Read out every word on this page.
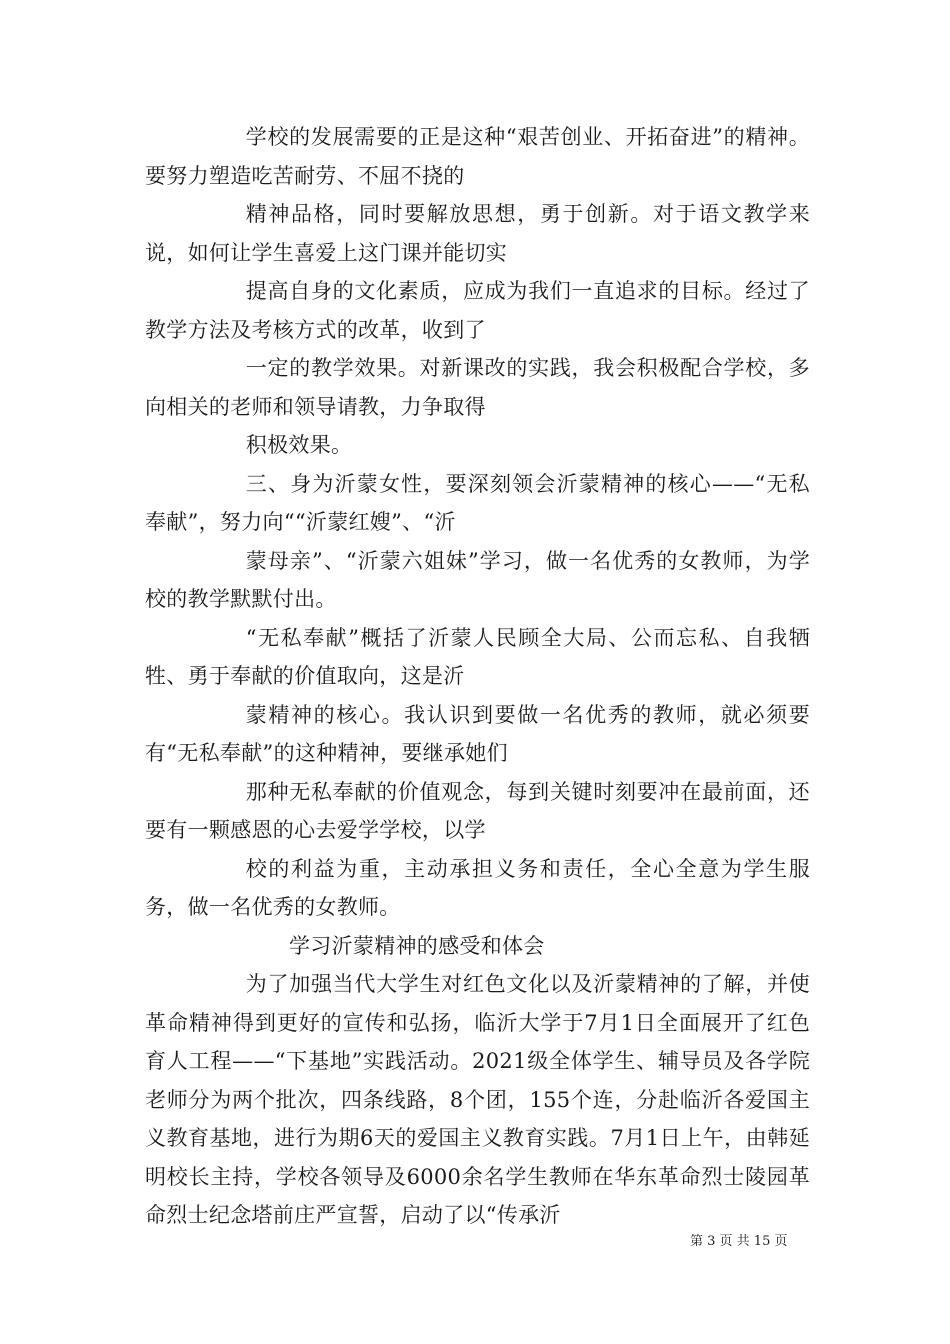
学校的发展需要的正是这种“艰苦创业、开拓奋进”的精神。要努力塑造吃苦耐劳、不屈不挠的

精神品格，同时要解放思想，勇于创新。对于语文教学来说，如何让学生喜爱上这门课并能切实

提高自身的文化素质，应成为我们一直追求的目标。经过了教学方法及考核方式的改革，收到了

一定的教学效果。对新课改的实践，我会积极配合学校，多向相关的老师和领导请教，力争取得

积极效果。

三、身为沂蒙女性，要深刻领会沂蒙精神的核心——“无私奉献”，努力向““沂蒙红嫂”、“沂

蒙母亲”、“沂蒙六姐妹”学习，做一名优秀的女教师，为学校的教学默默付出。

“无私奉献”概括了沂蒙人民顾全大局、公而忘私、自我牺牲、勇于奉献的价值取向，这是沂

蒙精神的核心。我认识到要做一名优秀的教师，就必须要有“无私奉献”的这种精神，要继承她们

那种无私奉献的价值观念，每到关键时刻要冲在最前面，还要有一颗感恩的心去爱学学校，以学

校的利益为重，主动承担义务和责任，全心全意为学生服务，做一名优秀的女教师。

学习沂蒙精神的感受和体会

为了加强当代大学生对红色文化以及沂蒙精神的了解，并使革命精神得到更好的宣传和弘扬，临沂大学于7月1日全面展开了红色育人工程——“下基地”实践活动。2021级全体学生、辅导员及各学院老师分为两个批次，四条线路，8个团，155个连，分赴临沂各爱国主义教育基地，进行为期6天的爱国主义教育实践。7月1日上午，由韩延明校长主持，学校各领导及6000余名学生教师在华东革命烈士陵园革命烈士纪念塔前庄严宣誓，启动了以“传承沂

第 3 页 共 15 页
